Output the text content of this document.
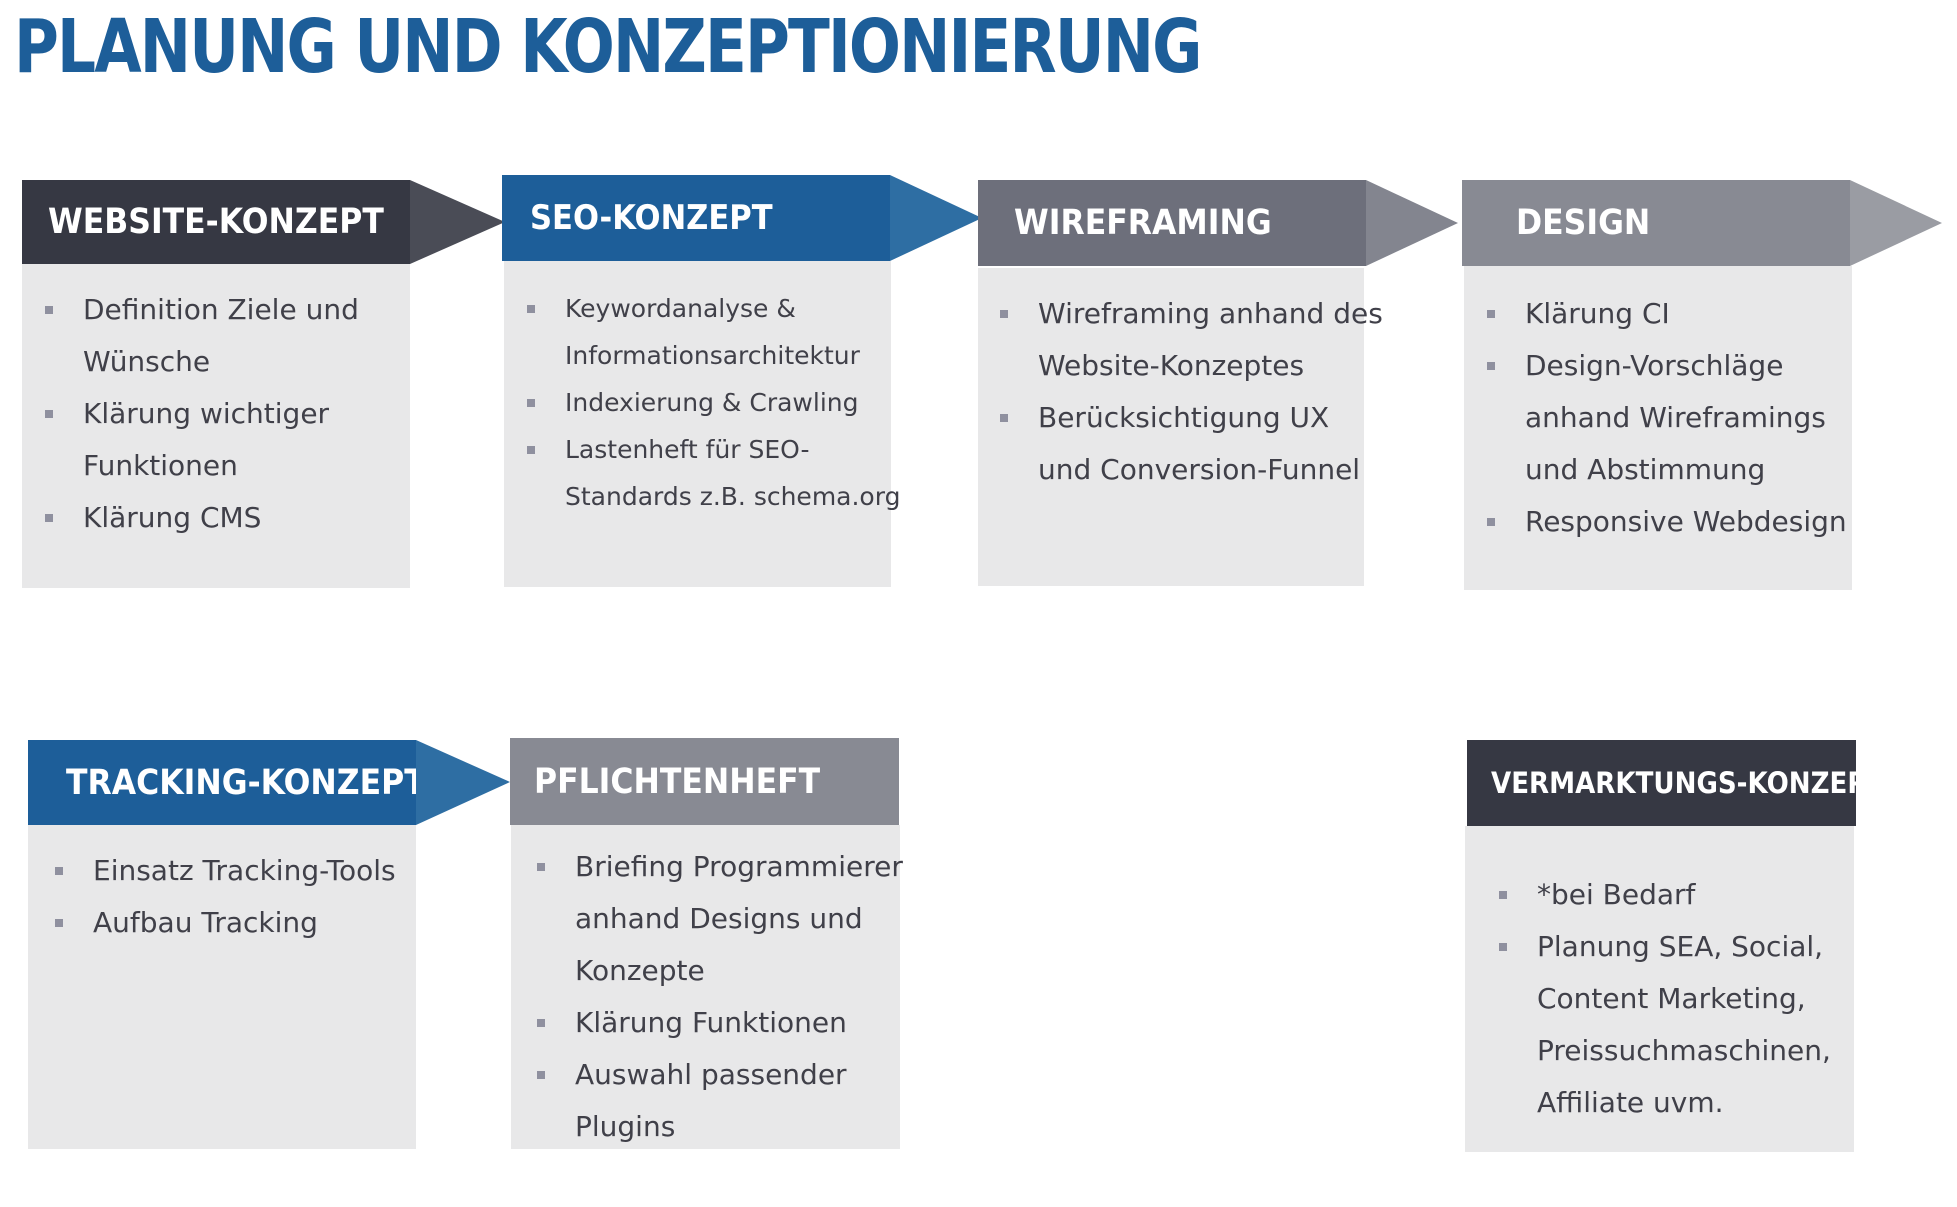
PLANUNG UND KONZEPTIONIERUNG
WEBSITE-KONZEPT
Definition Ziele und
Wünsche
Klärung wichtiger
Funktionen
Klärung CMS
SEO-KONZEPT
Keywordanalyse &
Informationsarchitektur
Indexierung & Crawling
Lastenheft für SEO-
Standards z.B. schema.org
WIREFRAMING
Wireframing anhand des
Website-Konzeptes
Berücksichtigung UX
und Conversion-Funnel
DESIGN
Klärung CI
Design-Vorschläge
anhand Wireframings
und Abstimmung
Responsive Webdesign
TRACKING-KONZEPT
Einsatz Tracking-Tools
Aufbau Tracking
PFLICHTENHEFT
Briefing Programmierer
anhand Designs und
Konzepte
Klärung Funktionen
Auswahl passender
Plugins
VERMARKTUNGS-KONZEPT
*bei Bedarf
Planung SEA, Social,
Content Marketing,
Preissuchmaschinen,
Affiliate uvm.
